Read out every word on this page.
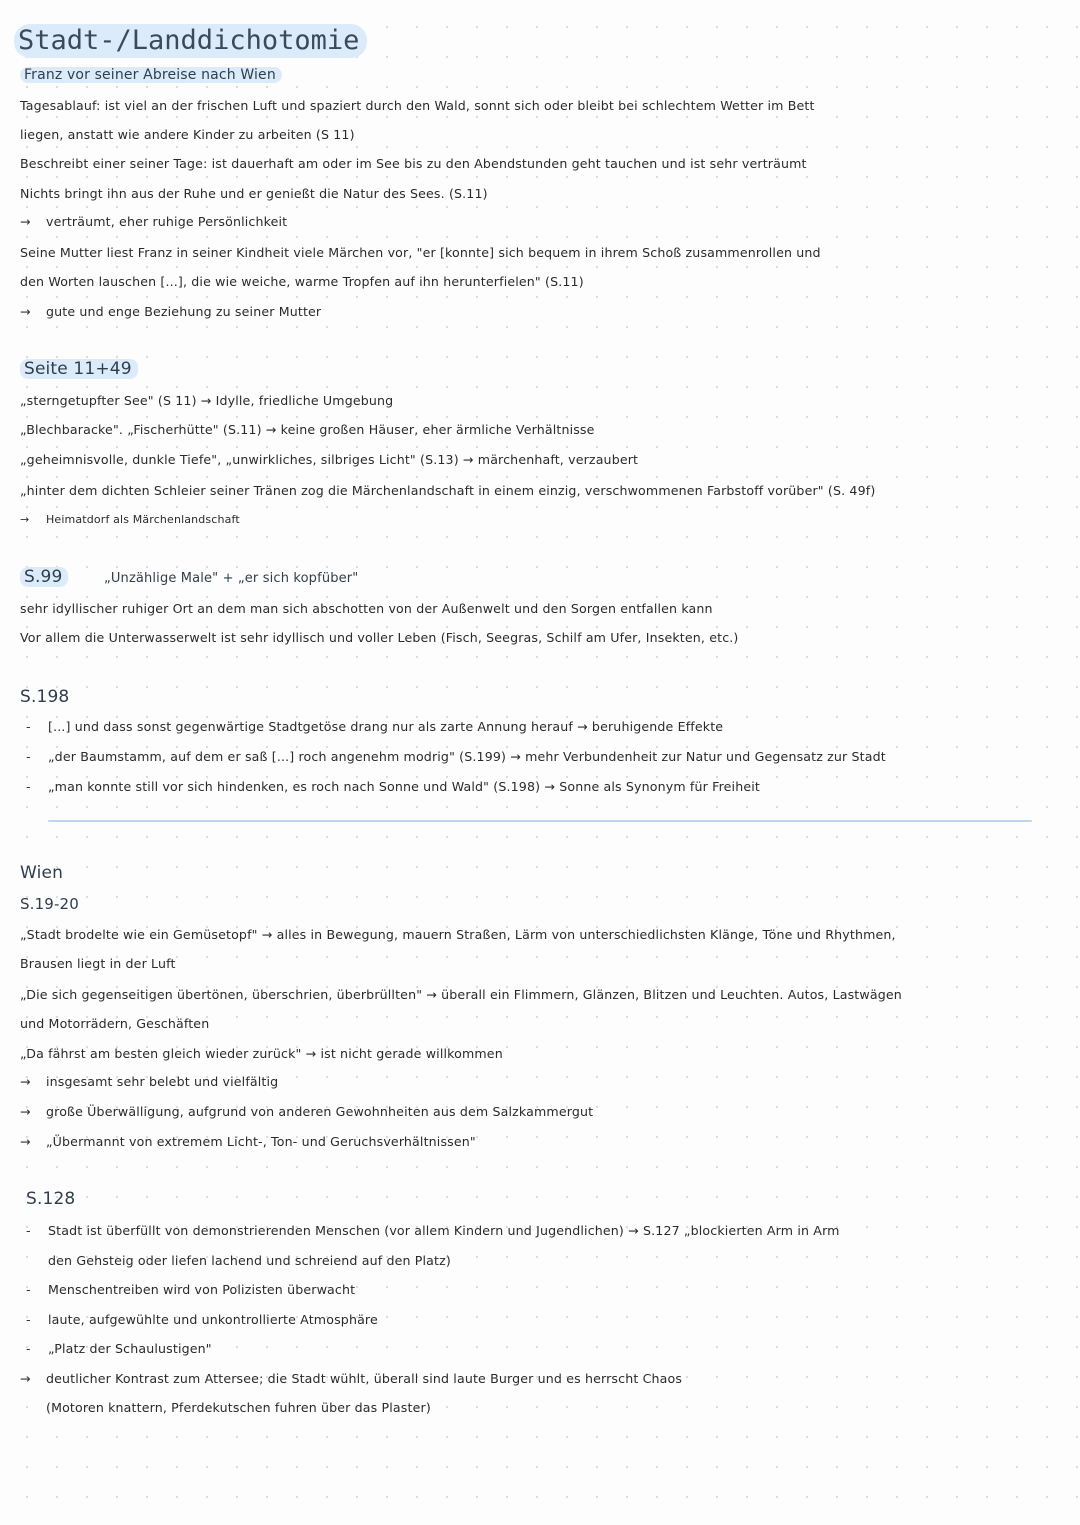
Stadt-/Landdichotomie
Franz vor seiner Abreise nach Wien
Tagesablauf: ist viel an der frischen Luft und spaziert durch den Wald, sonnt sich oder bleibt bei schlechtem Wetter im Bett
liegen, anstatt wie andere Kinder zu arbeiten (S 11)
Beschreibt einer seiner Tage: ist dauerhaft am oder im See bis zu den Abendstunden geht tauchen und ist sehr verträumt
Nichts bringt ihn aus der Ruhe und er genießt die Natur des Sees. (S.11)
→ verträumt, eher ruhige Persönlichkeit
Seine Mutter liest Franz in seiner Kindheit viele Märchen vor, "er [konnte] sich bequem in ihrem Schoß zusammenrollen und
den Worten lauschen [...], die wie weiche, warme Tropfen auf ihn herunterfielen" (S.11)
→ gute und enge Beziehung zu seiner Mutter
Seite 11+49
„sterngetupfter See" (S 11) → Idylle, friedliche Umgebung
„Blechbaracke". „Fischerhütte" (S.11) → keine großen Häuser, eher ärmliche Verhältnisse
„geheimnisvolle, dunkle Tiefe", „unwirkliches, silbriges Licht" (S.13) → märchenhaft, verzaubert
„hinter dem dichten Schleier seiner Tränen zog die Märchenlandschaft in einem einzig, verschwommenen Farbstoff vorüber" (S. 49f)
→ Heimatdorf als Märchenlandschaft
S.99	„Unzählige Male" + „er sich kopfüber"
sehr idyllischer ruhiger Ort an dem man sich abschotten von der Außenwelt und den Sorgen entfallen kann
Vor allem die Unterwasserwelt ist sehr idyllisch und voller Leben (Fisch, Seegras, Schilf am Ufer, Insekten, etc.)
S.198
- [...] und dass sonst gegenwärtige Stadtgetöse drang nur als zarte Annung herauf → beruhigende Effekte
- „der Baumstamm, auf dem er saß [...] roch angenehm modrig" (S.199) → mehr Verbundenheit zur Natur und Gegensatz zur Stadt
- „man konnte still vor sich hindenken, es roch nach Sonne und Wald" (S.198) → Sonne als Synonym für Freiheit
Wien
S.19-20
„Stadt brodelte wie ein Gemüsetopf" → alles in Bewegung, mauern Straßen, Lärm von unterschiedlichsten Klänge, Töne und Rhythmen,
Brausen liegt in der Luft
„Die sich gegenseitigen übertönen, überschrien, überbrüllten" → überall ein Flimmern, Glänzen, Blitzen und Leuchten. Autos, Lastwägen
und Motorrädern, Geschäften
„Da fährst am besten gleich wieder zurück" → ist nicht gerade willkommen
→ insgesamt sehr belebt und vielfältig
→ große Überwälligung, aufgrund von anderen Gewohnheiten aus dem Salzkammergut
→ „Übermannt von extremem Licht-, Ton- und Geruchsverhältnissen"
S.128
- Stadt ist überfüllt von demonstrierenden Menschen (vor allem Kindern und Jugendlichen) → S.127 „blockierten Arm in Arm
den Gehsteig oder liefen lachend und schreiend auf den Platz)
- Menschentreiben wird von Polizisten überwacht
- laute, aufgewühlte und unkontrollierte Atmosphäre
- „Platz der Schaulustigen"
→ deutlicher Kontrast zum Attersee; die Stadt wühlt, überall sind laute Burger und es herrscht Chaos
(Motoren knattern, Pferdekutschen fuhren über das Plaster)
